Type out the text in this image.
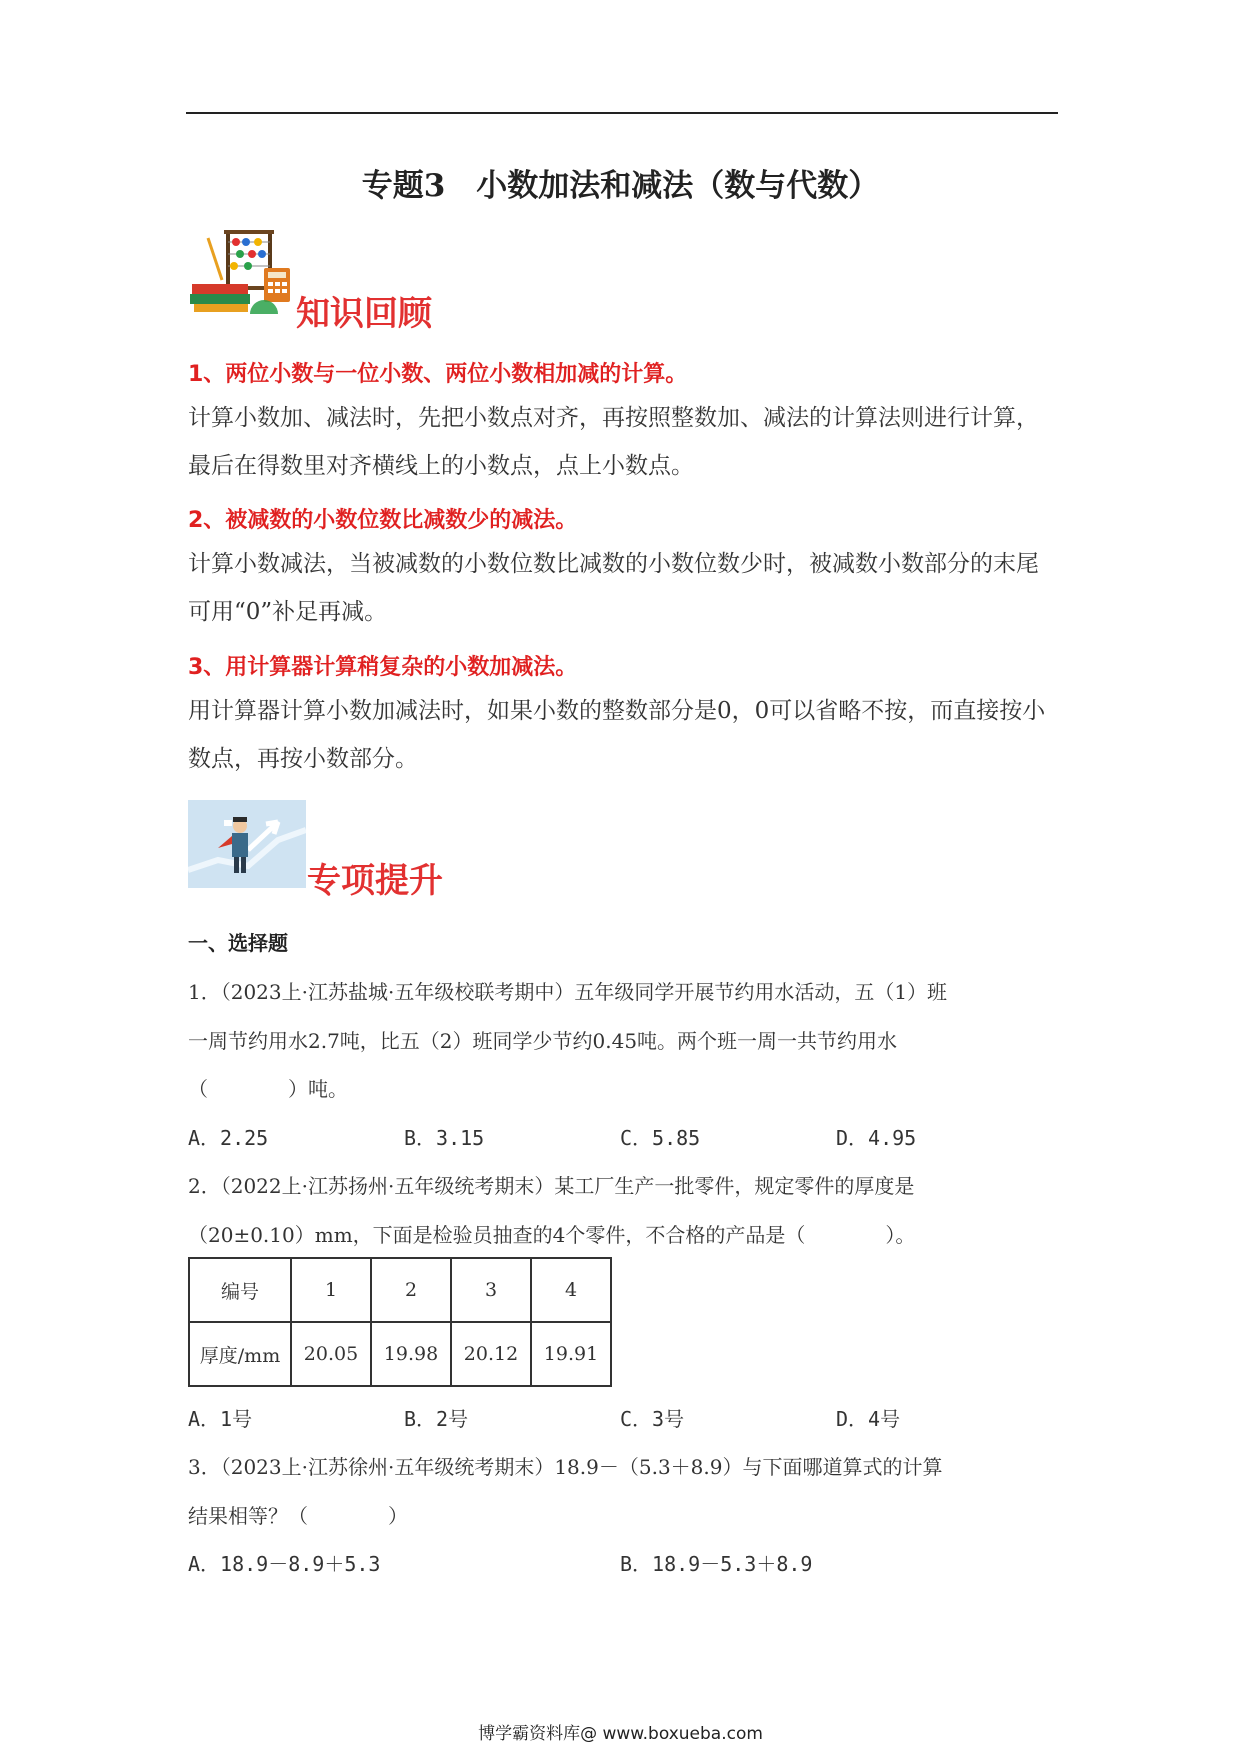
专题3　小数加法和减法（数与代数）
知识回顾
1、两位小数与一位小数、两位小数相加减的计算。
计算小数加、减法时，先把小数点对齐，再按照整数加、减法的计算法则进行计算，最后在得数里对齐横线上的小数点，点上小数点。
2、被减数的小数位数比减数少的减法。
计算小数减法，当被减数的小数位数比减数的小数位数少时，被减数小数部分的末尾可用“0”补足再减。
3、用计算器计算稍复杂的小数加减法。
用计算器计算小数加减法时，如果小数的整数部分是0，0可以省略不按，而直接按小数点，再按小数部分。
专项提升
一、选择题
1．（2023上·江苏盐城·五年级校联考期中）五年级同学开展节约用水活动，五（1）班
一周节约用水2.7吨，比五（2）班同学少节约0.45吨。两个班一周一共节约用水
（　　　　）吨。
A．2.25	B．3.15	C．5.85	D．4.95
2．（2022上·江苏扬州·五年级统考期末）某工厂生产一批零件，规定零件的厚度是
（20±0.10）mm，下面是检验员抽查的4个零件，不合格的产品是（　　　　）。
编号	1	2	3	4
厚度/mm	20.05	19.98	20.12	19.91
A．1号	B．2号	C．3号	D．4号
3．（2023上·江苏徐州·五年级统考期末）18.9－（5.3＋8.9）与下面哪道算式的计算
结果相等？（　　　　）
A．18.9－8.9＋5.3	B．18.9－5.3＋8.9
博学霸资料库@ www.boxueba.com
